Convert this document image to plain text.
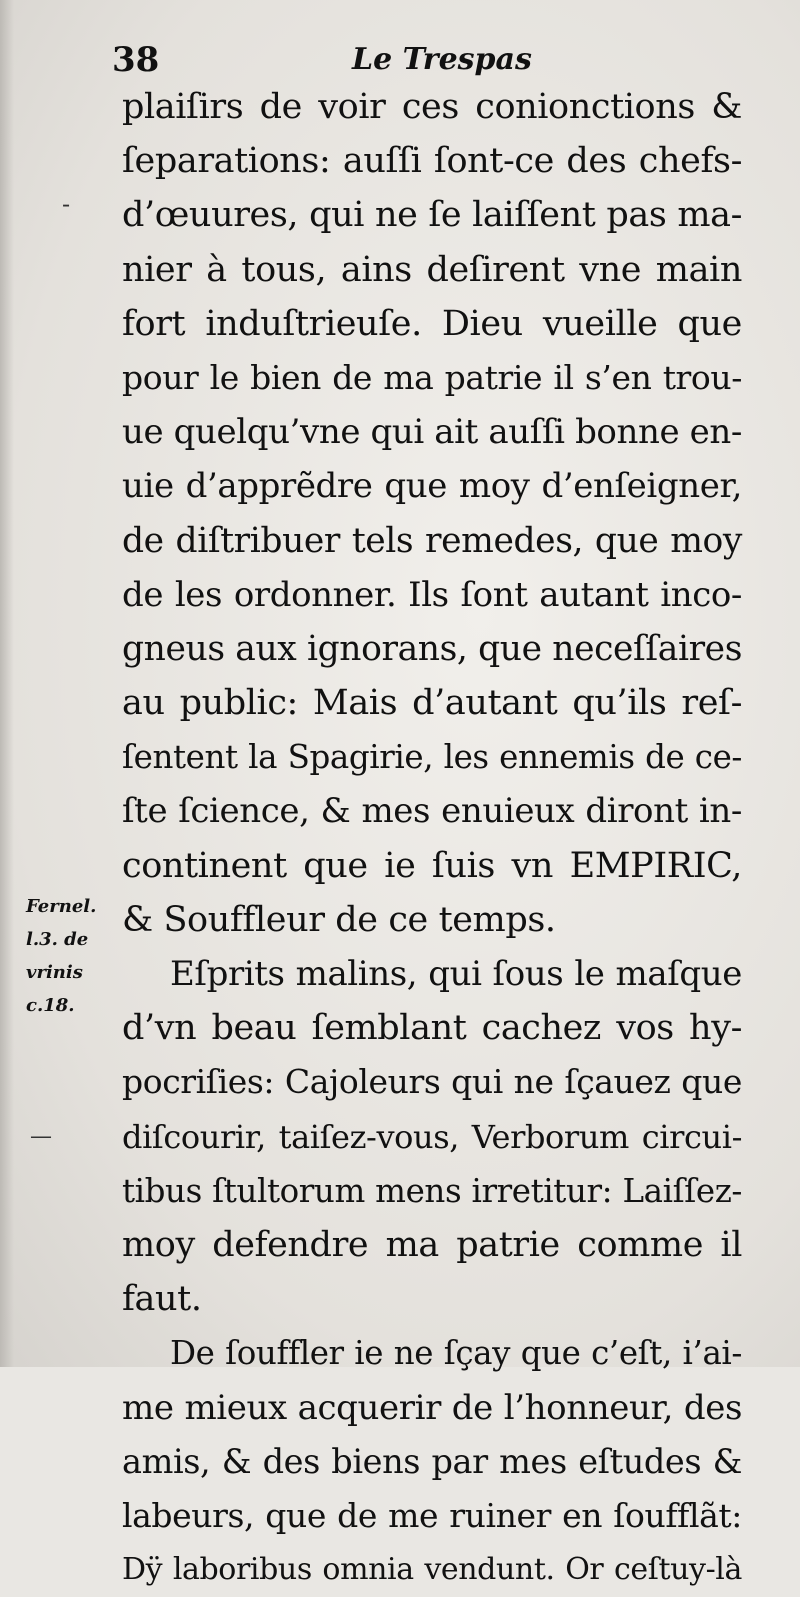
38	Le Trespas
-
—
Fernel.
l.3. de
vrinis
c.18.
plaiſirs de voir ces conionctions &
ſeparations: auſſi ſont-ce des chefs-
d’œuures, qui ne ſe laiſſent pas ma-
nier à tous, ains deſirent vne main
fort induſtrieuſe. Dieu vueille que
pour le bien de ma patrie il s’en trou-
ue quelqu’vne qui ait auſſi bonne en-
uie d’apprẽdre que moy d’enſeigner,
de diſtribuer tels remedes, que moy
de les ordonner. Ils ſont autant inco-
gneus aux ignorans, que neceſſaires
au public: Mais d’autant qu’ils reſ-
ſentent la Spagirie, les ennemis de ce-
ſte ſcience, & mes enuieux diront in-
continent que ie ſuis vn EMPIRIC,
& Souffleur de ce temps.
Eſprits malins, qui ſous le maſque
d’vn beau ſemblant cachez vos hy-
pocriſies: Cajoleurs qui ne ſçauez que
diſcourir, taiſez-vous, Verborum circui-
tibus ſtultorum mens irretitur: Laiſſez-
moy defendre ma patrie comme il
faut.
De ſouffler ie ne ſçay que c’eſt, i’ai-
me mieux acquerir de l’honneur, des
amis, & des biens par mes eſtudes &
labeurs, que de me ruiner en ſoufflãt:
Dÿ laboribus omnia vendunt. Or ceſtuy-là
